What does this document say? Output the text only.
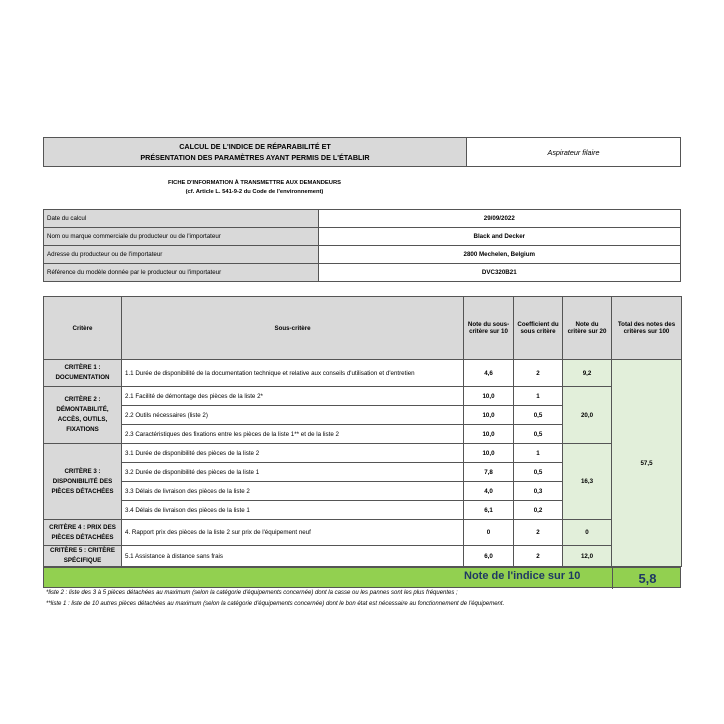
CALCUL DE L'INDICE DE RÉPARABILITÉ ET
PRÉSENTATION DES PARAMÈTRES AYANT PERMIS DE L'ÉTABLIR
	Aspirateur filaire
FICHE D'INFORMATION À TRANSMETTRE AUX DEMANDEURS
(cf. Article L. 541-9-2 du Code de l'environnement)
Date du calcul	29/09/2022
Nom ou marque commerciale du producteur ou de l'importateur	Black and Decker
Adresse du producteur ou de l'importateur	2800 Mechelen, Belgium
Référence du modèle donnée par le producteur ou l'importateur	DVC320B21
Critère	Sous-critère	Note du sous-critère sur 10	Coefficient du sous critère	Note du critère sur 20	Total des notes des critères sur 100
CRITÈRE 1 : DOCUMENTATION	1.1 Durée de disponibilité de la documentation technique et relative aux conseils d'utilisation et d'entretien	4,6	2	9,2	57,5
CRITÈRE 2 : DÉMONTABILITÉ, ACCÈS, OUTILS, FIXATIONS	2.1 Facilité de démontage des pièces de la liste 2*	10,0	1	20,0	
	2.2 Outils nécessaires (liste 2)	10,0	0,5		
	2.3 Caractéristiques des fixations entre les pièces de la liste 1** et de la liste 2	10,0	0,5		
CRITÈRE 3 : DISPONIBILITÉ DES PIÈCES DÉTACHÉES	3.1 Durée de disponibilité des pièces de la liste 2	10,0	1	16,3	
	3.2 Durée de disponibilité des pièces de la liste 1	7,8	0,5		
	3.3 Délais de livraison des pièces de la liste 2	4,0	0,3		
	3.4 Délais de livraison des pièces de la liste 1	6,1	0,2		
CRITÈRE 4 : PRIX DES PIÈCES DÉTACHÉES	4. Rapport prix des pièces de la liste 2 sur prix de l'équipement neuf	0	2	0	
CRITÈRE 5 : CRITÈRE SPÉCIFIQUE	5.1 Assistance à distance sans frais	6,0	2	12,0	
Note de l'indice sur 10	5,8
*liste 2 : liste des 3 à 5 pièces détachées au maximum (selon la catégorie d'équipements concernée) dont la casse ou les pannes sont les plus fréquentes ;
**liste 1 : liste de 10 autres pièces détachées au maximum (selon la catégorie d'équipements concernée) dont le bon état est nécessaire au fonctionnement de l'équipement.
